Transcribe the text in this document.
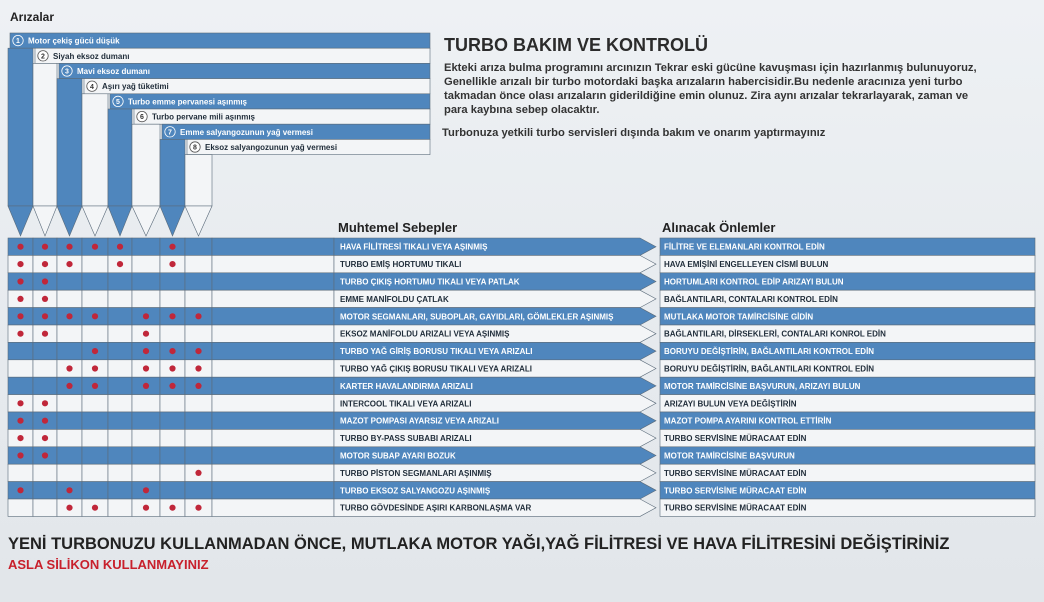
Arızalar
1 Motor çekiş gücü düşük
2 Siyah eksoz dumanı
3 Mavi eksoz dumanı
4 Aşırı yağ tüketimi
5 Turbo emme pervanesi aşınmış
6 Turbo pervane mili aşınmış
7 Emme salyangozunun yağ vermesi
8 Eksoz salyangozunun yağ vermesi
HAVA FİLİTRESİ TIKALI VEYA AŞINMIŞ
TURBO EMİŞ HORTUMU TIKALI
TURBO ÇIKIŞ HORTUMU TIKALI VEYA PATLAK
EMME MANİFOLDU ÇATLAK
MOTOR SEGMANLARI, SUBOPLAR, GAYIDLARI, GÖMLEKLER AŞINMIŞ
EKSOZ MANİFOLDU ARIZALI VEYA AŞINMIŞ
TURBO YAĞ GİRİŞ BORUSU TIKALI VEYA ARIZALI
TURBO YAĞ ÇIKIŞ BORUSU TIKALI VEYA ARIZALI
KARTER HAVALANDIRMA ARIZALI
INTERCOOL TIKALI VEYA ARIZALI
MAZOT POMPASI AYARSIZ VEYA ARIZALI
TURBO BY-PASS SUBABI ARIZALI
MOTOR SUBAP AYARI BOZUK
TURBO PİSTON SEGMANLARI AŞINMIŞ
TURBO EKSOZ SALYANGOZU AŞINMIŞ
TURBO GÖVDESİNDE AŞIRI KARBONLAŞMA VAR
FİLİTRE VE ELEMANLARI KONTROL EDİN
HAVA EMİŞİNİ ENGELLEYEN CİSMİ BULUN
HORTUMLARI KONTROL EDİP ARIZAYI BULUN
BAĞLANTILARI, CONTALARI KONTROL EDİN
MUTLAKA MOTOR TAMİRCİSİNE GİDİN
BAĞLANTILARI, DİRSEKLERİ, CONTALARI KONROL EDİN
BORUYU DEĞİŞTİRİN, BAĞLANTILARI KONTROL EDİN
BORUYU DEĞİŞTİRİN, BAĞLANTILARI KONTROL EDİN
MOTOR TAMİRCİSİNE BAŞVURUN, ARIZAYI BULUN
ARIZAYI BULUN VEYA DEĞİŞTİRİN
MAZOT POMPA AYARINI KONTROL ETTİRİN
TURBO SERVİSİNE MÜRACAAT EDİN
MOTOR TAMİRCİSİNE BAŞVURUN
TURBO SERVİSİNE MÜRACAAT EDİN
TURBO SERVİSİNE MÜRACAAT EDİN
TURBO SERVİSİNE MÜRACAAT EDİN
TURBO BAKIM VE KONTROLÜ
Ekteki arıza bulma programını arcınızın Tekrar eski gücüne kavuşması için hazırlanmış bulunuyoruz,
Genellikle arızalı bir turbo motordaki başka arızaların habercisidir.Bu nedenle aracınıza yeni turbo
takmadan önce olası arızaların giderildiğine emin olunuz. Zira aynı arızalar tekrarlayarak, zaman ve
para kaybına sebep olacaktır.
Turbonuza yetkili turbo servisleri dışında bakım ve onarım yaptırmayınız
Muhtemel Sebepler	Alınacak Önlemler
YENİ TURBONUZU KULLANMADAN ÖNCE, MUTLAKA MOTOR YAĞI,YAĞ FİLİTRESİ VE HAVA FİLİTRESİNİ DEĞİŞTİRİNİZ
ASLA SİLİKON KULLANMAYINIZ
